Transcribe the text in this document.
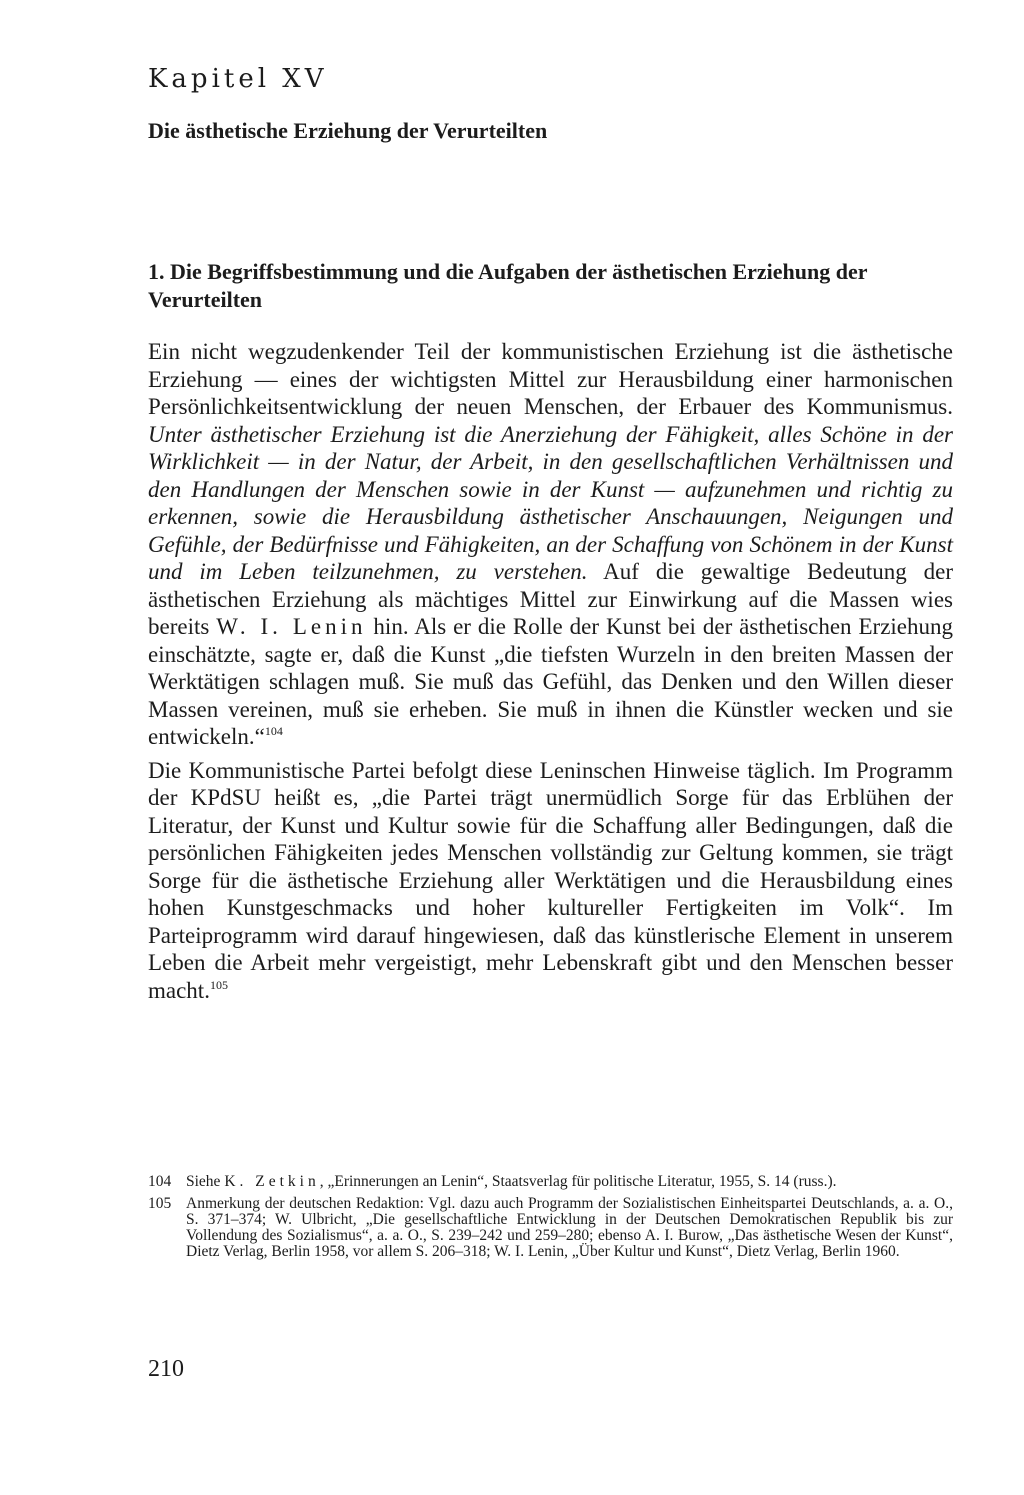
Kapitel XV
Die ästhetische Erziehung der Verurteilten
1. Die Begriffsbestimmung und die Aufgaben der ästhetischen Erziehung der Verurteilten

Ein nicht wegzudenkender Teil der kommunistischen Erziehung ist die ästhetische Erziehung — eines der wichtigsten Mittel zur Herausbildung einer harmonischen Persönlichkeitsentwicklung der neuen Menschen, der Erbauer des Kommunismus. Unter ästhetischer Erziehung ist die Anerziehung der Fähigkeit, alles Schöne in der Wirklichkeit — in der Natur, der Arbeit, in den gesellschaftlichen Verhältnissen und den Handlungen der Menschen sowie in der Kunst — aufzunehmen und richtig zu erkennen, sowie die Herausbildung ästhetischer Anschauungen, Neigungen und Gefühle, der Bedürfnisse und Fähigkeiten, an der Schaffung von Schönem in der Kunst und im Leben teilzunehmen, zu verstehen. Auf die gewaltige Bedeutung der ästhetischen Erziehung als mächtiges Mittel zur Einwirkung auf die Massen wies bereits W. I. Lenin hin. Als er die Rolle der Kunst bei der ästhetischen Erziehung einschätzte, sagte er, daß die Kunst „die tiefsten Wurzeln in den breiten Massen der Werktätigen schlagen muß. Sie muß das Gefühl, das Denken und den Willen dieser Massen vereinen, muß sie erheben. Sie muß in ihnen die Künstler wecken und sie entwickeln.“$^{104}$

Die Kommunistische Partei befolgt diese Leninschen Hinweise täglich. Im Programm der KPdSU heißt es, „die Partei trägt unermüdlich Sorge für das Erblühen der Literatur, der Kunst und Kultur sowie für die Schaffung aller Bedingungen, daß die persönlichen Fähigkeiten jedes Menschen vollständig zur Geltung kommen, sie trägt Sorge für die ästhetische Erziehung aller Werktätigen und die Herausbildung eines hohen Kunstgeschmacks und hoher kultureller Fertigkeiten im Volk“. Im Parteiprogramm wird darauf hingewiesen, daß das künstlerische Element in unserem Leben die Arbeit mehr vergeistigt, mehr Lebenskraft gibt und den Menschen besser macht.$^{105}$

104 Siehe K. Zetkin, „Erinnerungen an Lenin“, Staatsverlag für politische Literatur, 1955, S. 14 (russ.).
105 Anmerkung der deutschen Redaktion: Vgl. dazu auch Programm der Sozialistischen Einheitspartei Deutschlands, a. a. O., S. 371–374; W. Ulbricht, „Die gesellschaftliche Entwicklung in der Deutschen Demokratischen Republik bis zur Vollendung des Sozialismus“, a. a. O., S. 239–242 und 259–280; ebenso A. I. Burow, „Das ästhetische Wesen der Kunst“, Dietz Verlag, Berlin 1958, vor allem S. 206–318; W. I. Lenin, „Über Kultur und Kunst“, Dietz Verlag, Berlin 1960.
210
